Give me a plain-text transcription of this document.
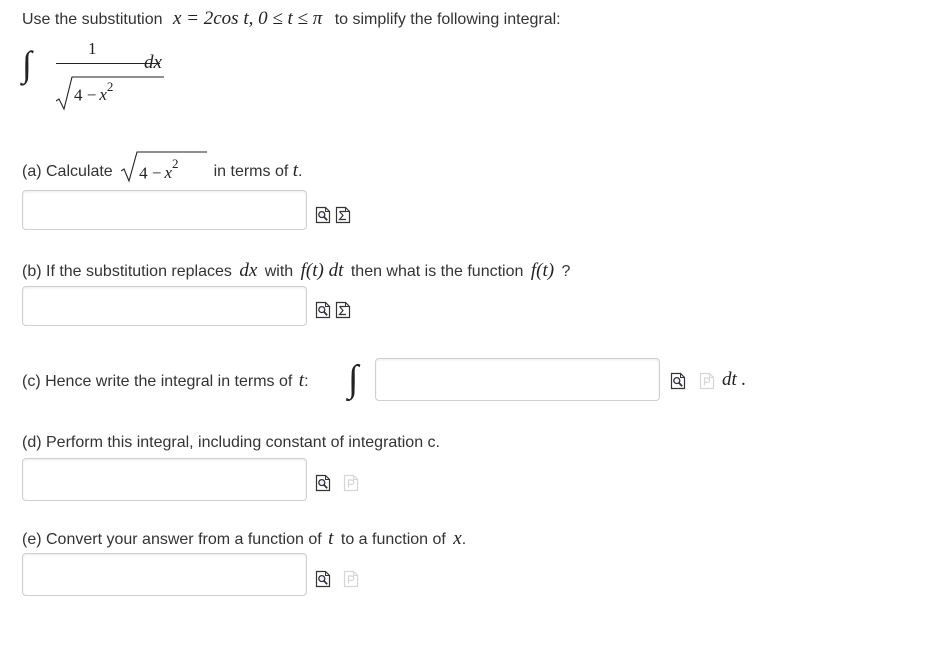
Use the substitution x = 2cos t, 0 ≤ t ≤ π to simplify the following integral:
∫	1
$4 - x^2$
dx
(a) Calculate $4 - x^2$ in terms of t.
(b) If the substitution replaces dx with f(t) dt then what is the function f(t) ?
(c) Hence write the integral in terms of t: ∫	dt .
(d) Perform this integral, including constant of integration c.
(e) Convert your answer from a function of t to a function of x.
